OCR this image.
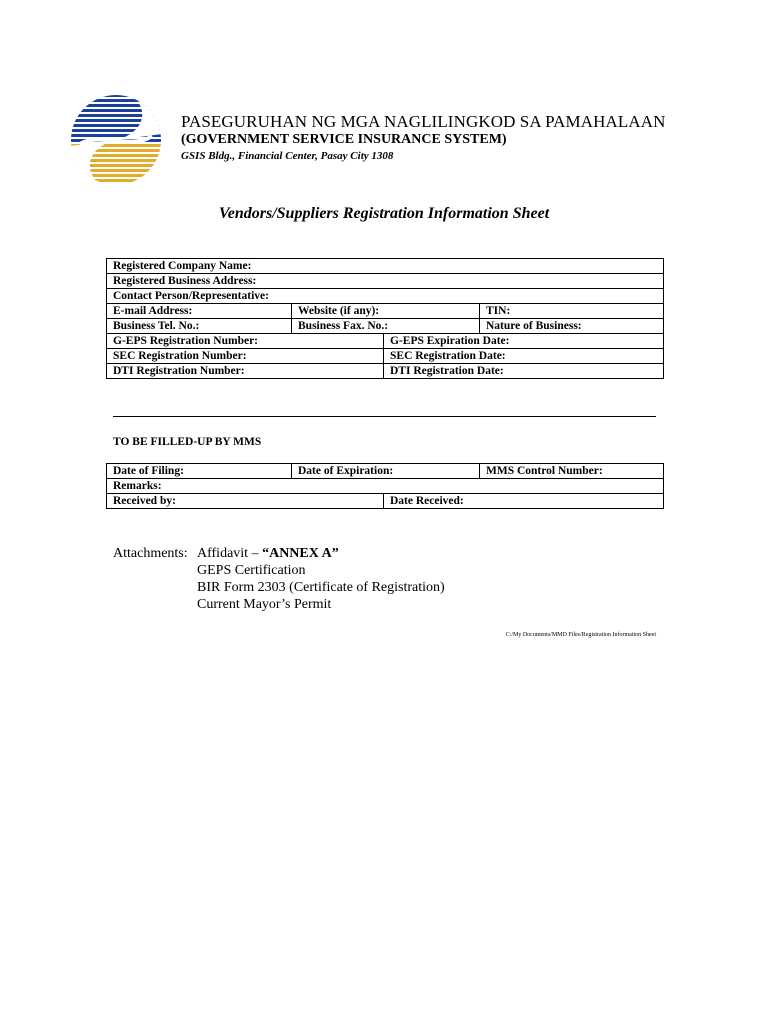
PASEGURUHAN NG MGA NAGLILINGKOD SA PAMAHALAAN
(GOVERNMENT SERVICE INSURANCE SYSTEM)
GSIS Bldg., Financial Center, Pasay City 1308
Vendors/Suppliers Registration Information Sheet
Registered Company Name:			
Registered Business Address:			
Contact Person/Representative:			
E-mail Address:	Website (if any):		TIN:
Business Tel. No.:	Business Fax. No.:		Nature of Business:
G-EPS Registration Number:		G-EPS Expiration Date:	
SEC Registration Number:		SEC Registration Date:	
DTI Registration Number:		DTI Registration Date:	
TO BE FILLED-UP BY MMS
Date of Filing:	Date of Expiration:		MMS Control Number:
Remarks:			
Received by:		Date Received:	
Attachments: Affidavit – “ANNEX A”
GEPS Certification
BIR Form 2303 (Certificate of Registration)
Current Mayor’s Permit
C:/My Documents/MMD Files/Registration Information Sheet
